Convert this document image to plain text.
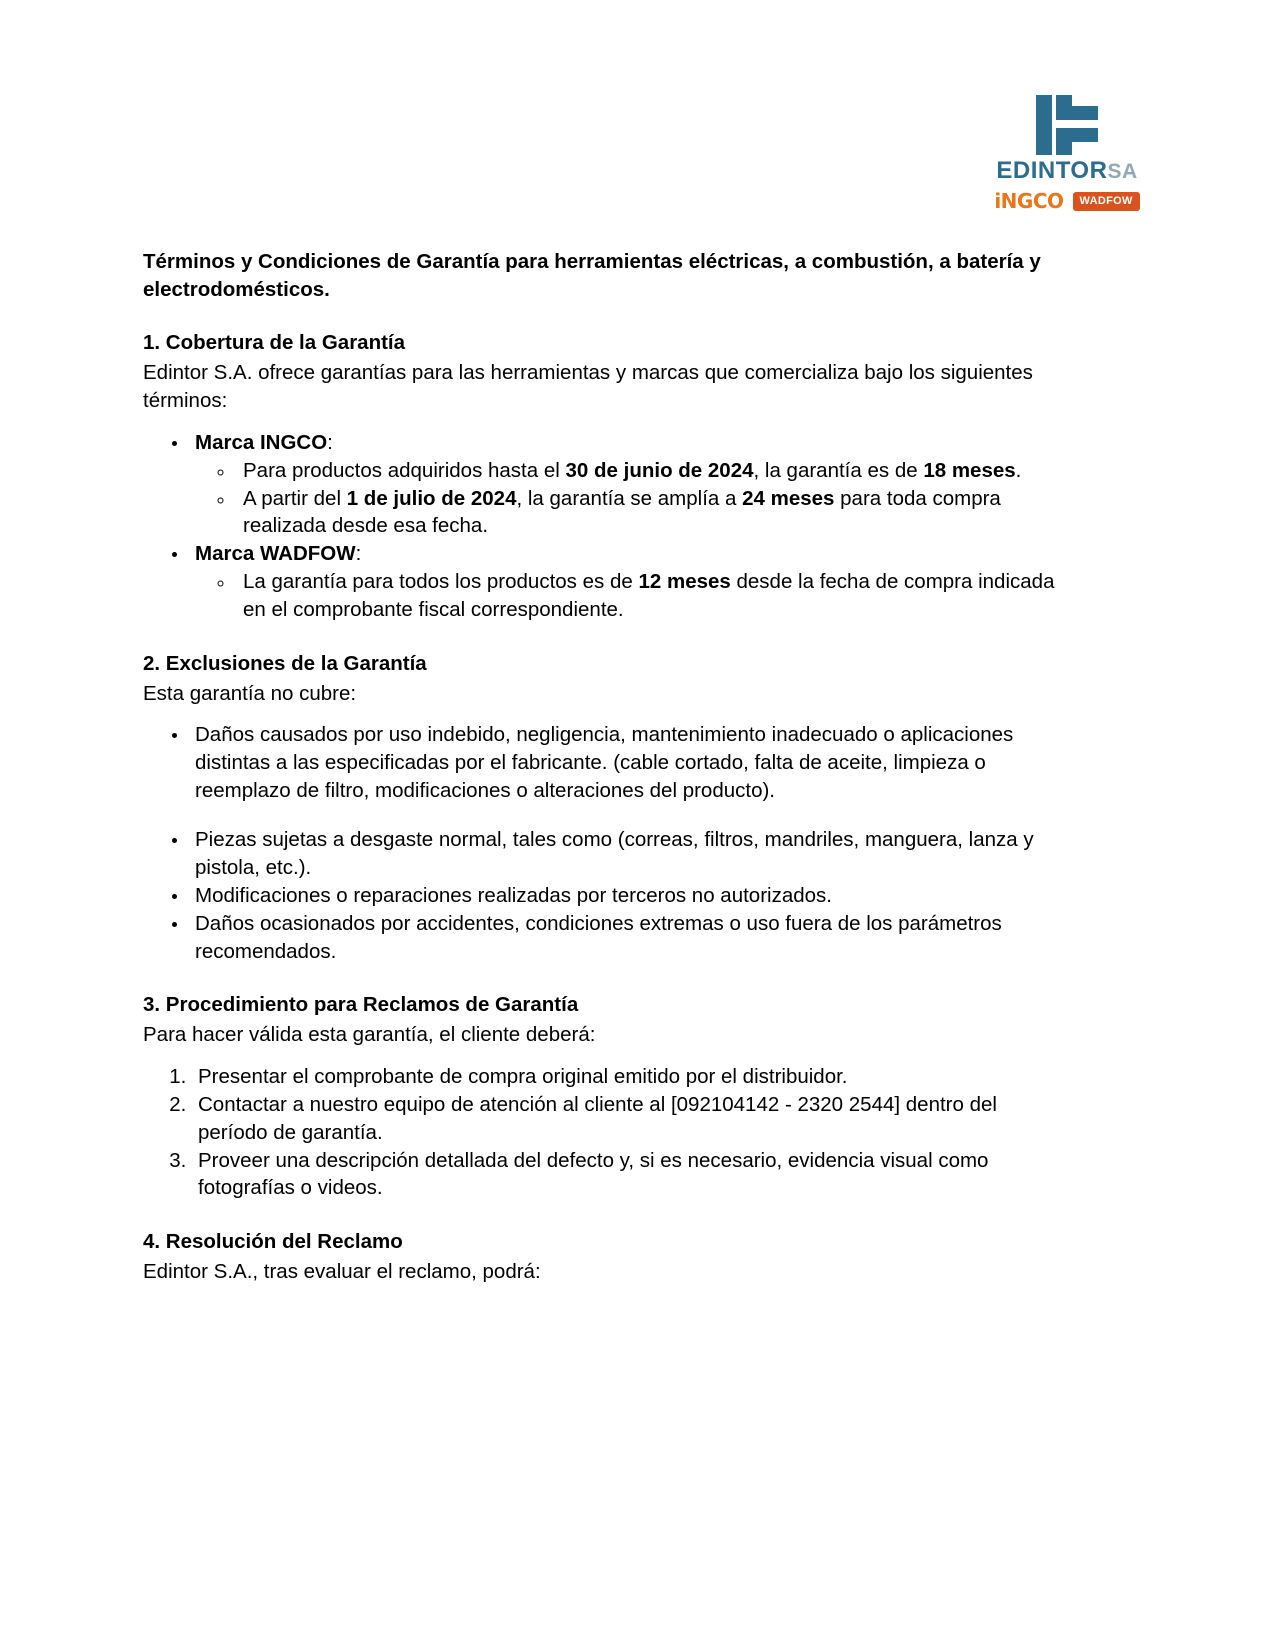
EDINTORSA
iNGCO	WADFOW
Términos y Condiciones de Garantía para herramientas eléctricas, a combustión, a batería y electrodomésticos.
1. Cobertura de la Garantía

Edintor S.A. ofrece garantías para las herramientas y marcas que comercializa bajo los siguientes términos:

• Marca INGCO:
◦ Para productos adquiridos hasta el 30 de junio de 2024, la garantía es de 18 meses.
◦ A partir del 1 de julio de 2024, la garantía se amplía a 24 meses para toda compra realizada desde esa fecha.
• Marca WADFOW:
◦ La garantía para todos los productos es de 12 meses desde la fecha de compra indicada en el comprobante fiscal correspondiente.
2. Exclusiones de la Garantía

Esta garantía no cubre:

• Daños causados por uso indebido, negligencia, mantenimiento inadecuado o aplicaciones distintas a las especificadas por el fabricante. (cable cortado, falta de aceite, limpieza o reemplazo de filtro, modificaciones o alteraciones del producto).
• Piezas sujetas a desgaste normal, tales como (correas, filtros, mandriles, manguera, lanza y pistola, etc.).
• Modificaciones o reparaciones realizadas por terceros no autorizados.
• Daños ocasionados por accidentes, condiciones extremas o uso fuera de los parámetros recomendados.
3. Procedimiento para Reclamos de Garantía

Para hacer válida esta garantía, el cliente deberá:

1. Presentar el comprobante de compra original emitido por el distribuidor.
2. Contactar a nuestro equipo de atención al cliente al [092104142 - 2320 2544] dentro del período de garantía.
3. Proveer una descripción detallada del defecto y, si es necesario, evidencia visual como fotografías o videos.
4. Resolución del Reclamo

Edintor S.A., tras evaluar el reclamo, podrá:
